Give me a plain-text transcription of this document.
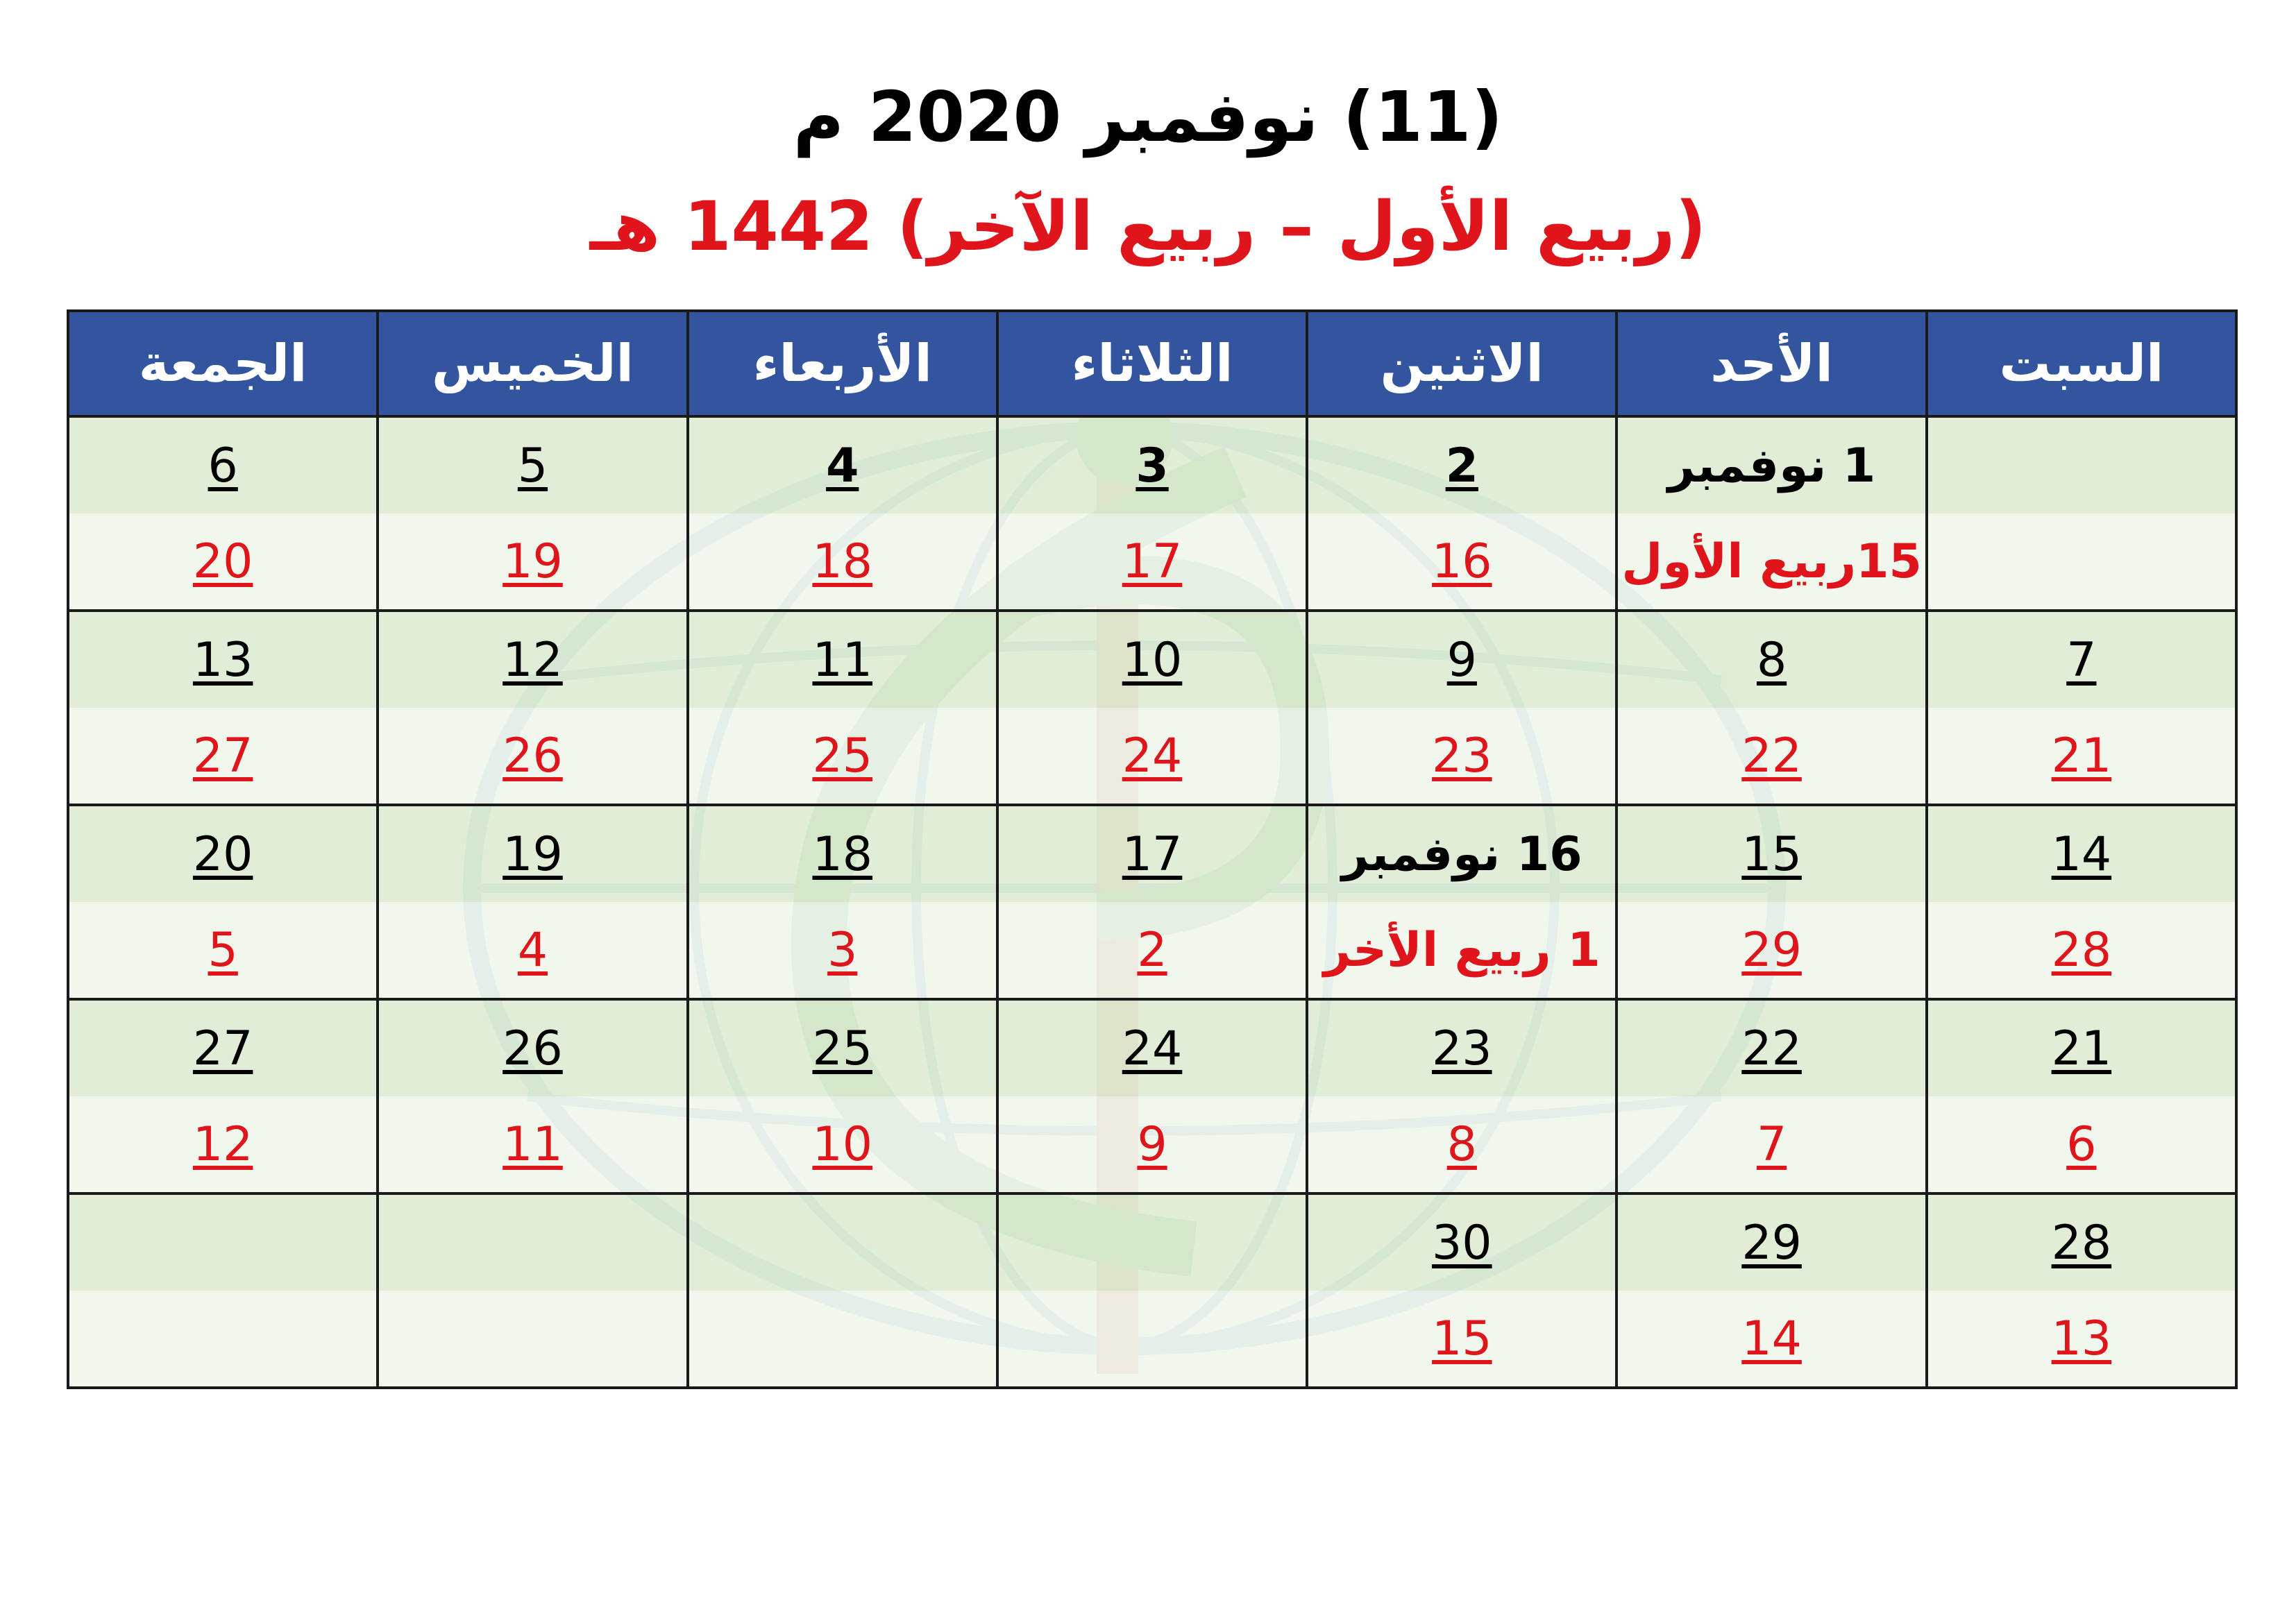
(11) نوفمبر 2020 م
(ربيع الأول – ربيع الآخر) 1442 هـ
السبت	الأحد	الاثنين	الثلاثاء	الأربعاء	الخميس	الجمعة
	1 نوفمبر	2	3	4	5	6
	15ربيع الأول	16	17	18	19	20
7	8	9	10	11	12	13
21	22	23	24	25	26	27
14	15	16 نوفمبر	17	18	19	20
28	29	1 ربيع الأخر	2	3	4	5
21	22	23	24	25	26	27
6	7	8	9	10	11	12
28	29	30				
13	14	15				
